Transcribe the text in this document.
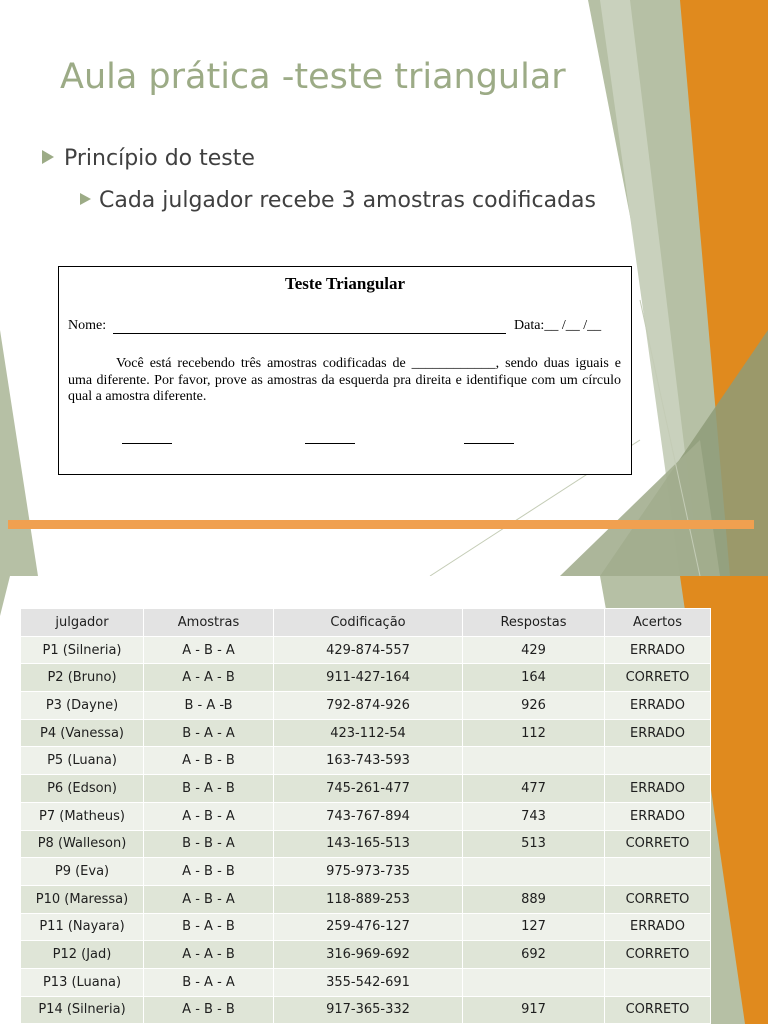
Aula prática -teste triangular
Princípio do teste
Cada julgador recebe 3 amostras codificadas
Teste Triangular
Nome:	Data:__ /__ /__
Você está recebendo três amostras codificadas de ____________, sendo duas iguais e uma diferente. Por favor, prove as amostras da esquerda pra direita e identifique com um círculo qual a amostra diferente.
julgador	Amostras	Codificação	Respostas	Acertos
P1 (Silneria)	A - B - A	429-874-557	429	ERRADO
P2 (Bruno)	A - A - B	911-427-164	164	CORRETO
P3 (Dayne)	B - A -B	792-874-926	926	ERRADO
P4 (Vanessa)	B - A - A	423-112-54	112	ERRADO
P5 (Luana)	A - B - B	163-743-593		
P6 (Edson)	B - A - B	745-261-477	477	ERRADO
P7 (Matheus)	A - B - A	743-767-894	743	ERRADO
P8 (Walleson)	B - B - A	143-165-513	513	CORRETO
P9 (Eva)	A - B - B	975-973-735		
P10 (Maressa)	A - B - A	118-889-253	889	CORRETO
P11 (Nayara)	B - A - B	259-476-127	127	ERRADO
P12 (Jad)	A - A - B	316-969-692	692	CORRETO
P13 (Luana)	B - A - A	355-542-691		
P14 (Silneria)	A - B - B	917-365-332	917	CORRETO
